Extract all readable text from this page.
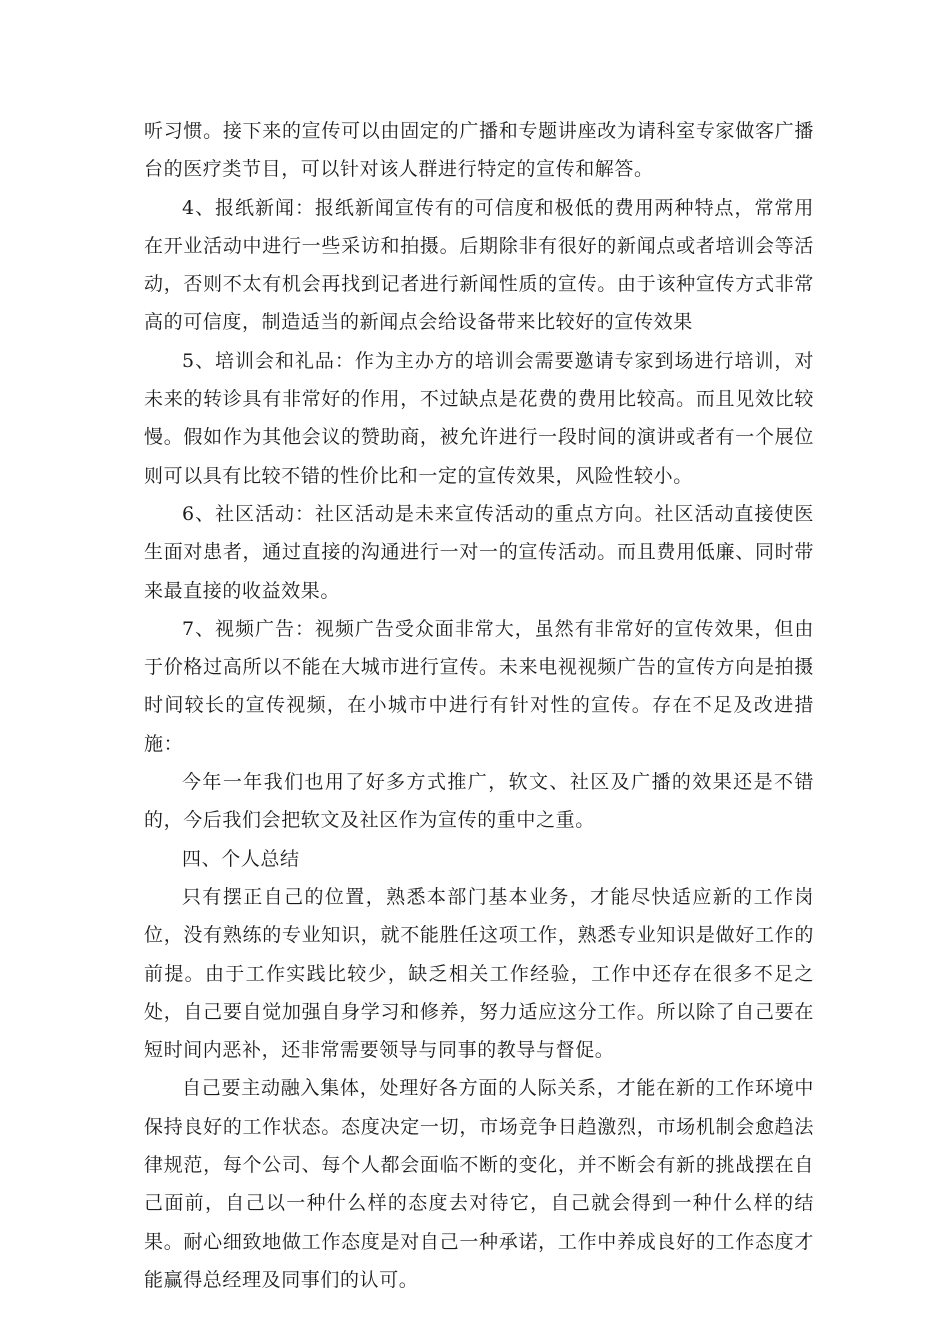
听习惯。接下来的宣传可以由固定的广播和专题讲座改为请科室专家做客广播台的医疗类节目，可以针对该人群进行特定的宣传和解答。

4、报纸新闻：报纸新闻宣传有的可信度和极低的费用两种特点，常常用在开业活动中进行一些采访和拍摄。后期除非有很好的新闻点或者培训会等活动，否则不太有机会再找到记者进行新闻性质的宣传。由于该种宣传方式非常高的可信度，制造适当的新闻点会给设备带来比较好的宣传效果

5、培训会和礼品：作为主办方的培训会需要邀请专家到场进行培训，对未来的转诊具有非常好的作用，不过缺点是花费的费用比较高。而且见效比较慢。假如作为其他会议的赞助商，被允许进行一段时间的演讲或者有一个展位则可以具有比较不错的性价比和一定的宣传效果，风险性较小。

6、社区活动：社区活动是未来宣传活动的重点方向。社区活动直接使医生面对患者，通过直接的沟通进行一对一的宣传活动。而且费用低廉、同时带来最直接的收益效果。

7、视频广告：视频广告受众面非常大，虽然有非常好的宣传效果，但由于价格过高所以不能在大城市进行宣传。未来电视视频广告的宣传方向是拍摄时间较长的宣传视频，在小城市中进行有针对性的宣传。存在不足及改进措施：

今年一年我们也用了好多方式推广，软文、社区及广播的效果还是不错的，今后我们会把软文及社区作为宣传的重中之重。

四、个人总结

只有摆正自己的位置，熟悉本部门基本业务，才能尽快适应新的工作岗位，没有熟练的专业知识，就不能胜任这项工作，熟悉专业知识是做好工作的前提。由于工作实践比较少，缺乏相关工作经验，工作中还存在很多不足之处，自己要自觉加强自身学习和修养，努力适应这分工作。所以除了自己要在短时间内恶补，还非常需要领导与同事的教导与督促。

自己要主动融入集体，处理好各方面的人际关系，才能在新的工作环境中保持良好的工作状态。态度决定一切，市场竞争日趋激烈，市场机制会愈趋法律规范，每个公司、每个人都会面临不断的变化，并不断会有新的挑战摆在自己面前，自己以一种什么样的态度去对待它，自己就会得到一种什么样的结果。耐心细致地做工作态度是对自己一种承诺，工作中养成良好的工作态度才能赢得总经理及同事们的认可。
